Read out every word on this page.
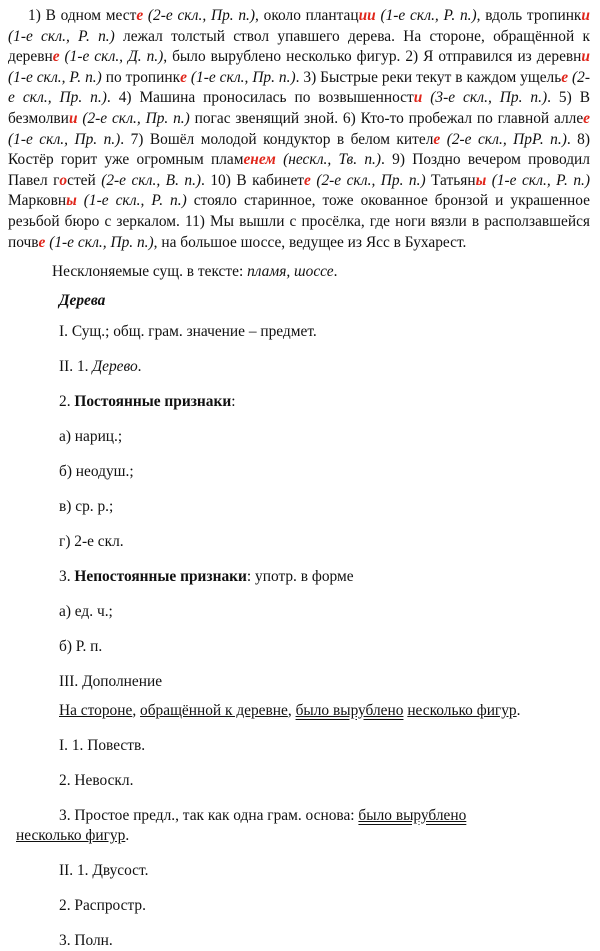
1) В одном месте (2-е скл., Пр. п.), около плантации (1-е скл., Р. п.), вдоль тропинки (1-е скл., Р. п.) лежал толстый ствол упавшего дерева. На стороне, обращённой к деревне (1-е скл., Д. п.), было вырублено несколько фигур. 2) Я отправился из деревни (1-е скл., Р. п.) по тропинке (1-е скл., Пр. п.). 3) Быстрые реки текут в каждом ущелье (2-е скл., Пр. п.). 4) Машина проносилась по возвышенности (3-е скл., Пр. п.). 5) В безмолвии (2-е скл., Пр. п.) погас звенящий зной. 6) Кто-то пробежал по главной аллее (1-е скл., Пр. п.). 7) Вошёл молодой кондуктор в белом кителе (2-е скл., ПрР. п.). 8) Костёр горит уже огромным пламенем (нескл., Тв. п.). 9) Поздно вечером проводил Павел гостей (2-е скл., В. п.). 10) В кабинете (2-е скл., Пр. п.) Татьяны (1-е скл., Р. п.) Марковны (1-е скл., Р. п.) стояло старинное, тоже окованное бронзой и украшенное резьбой бюро с зеркалом. 11) Мы вышли с просёлка, где ноги вязли в расползавшейся почве (1-е скл., Пр. п.), на большое шоссе, ведущее из Ясс в Бухарест.

Несклоняемые сущ. в тексте: пламя, шоссе.

Дерева

I. Сущ.; общ. грам. значение – предмет.

II. 1. Дерево.

2. Постоянные признаки:

а) нариц.;

б) неодуш.;

в) ср. р.;

г) 2-е скл.

3. Непостоянные признаки: употр. в форме

а) ед. ч.;

б) Р. п.

III. Дополнение

На стороне, обращённой к деревне, было вырублено несколько фигур.

I. 1. Повеств.

2. Невоскл.

3. Простое предл., так как одна грам. основа: было вырублено

несколько фигур.

II. 1. Двусост.

2. Распростр.

3. Полн.
